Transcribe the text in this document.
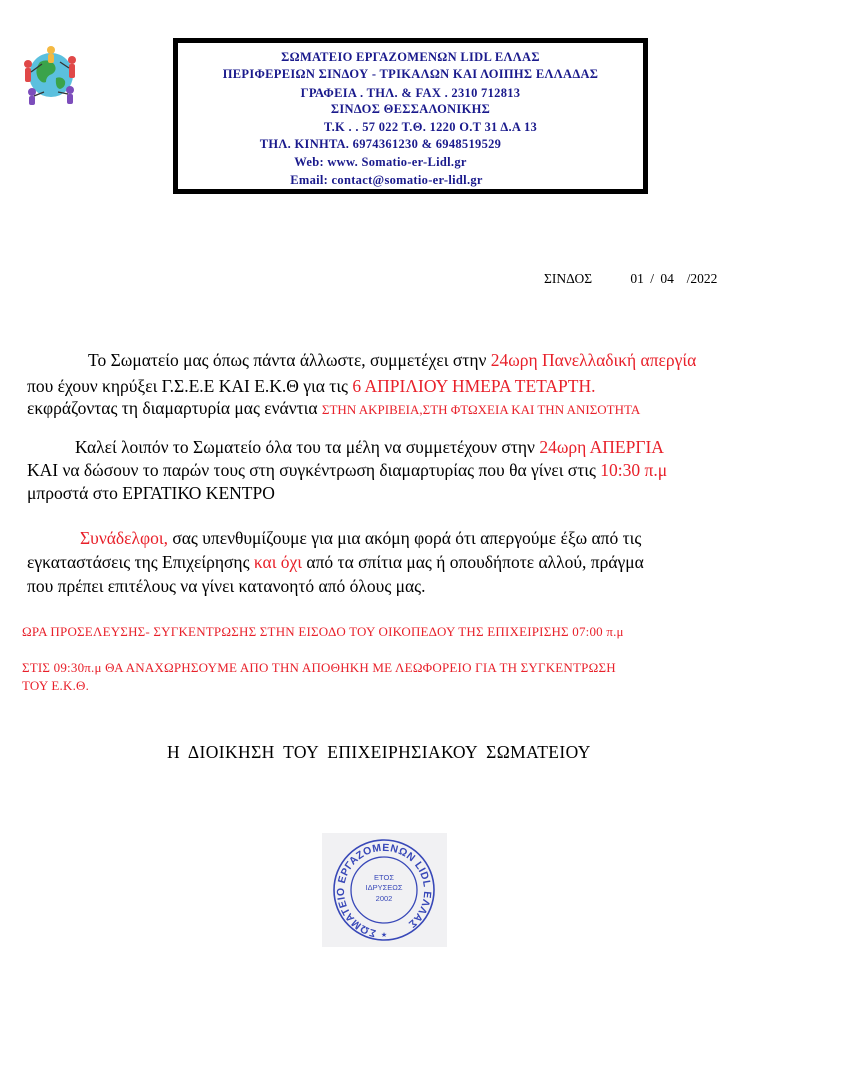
ΣΩΜΑΤΕΙΟ ΕΡΓΑΖΟΜΕΝΩΝ LIDL ΕΛΛΑΣ
ΠΕΡΙΦΕΡΕΙΩΝ ΣΙΝΔΟΥ - ΤΡΙΚΑΛΩΝ ΚΑΙ ΛΟΙΠΗΣ ΕΛΛΑΔΑΣ
ΓΡΑΦΕΙΑ . ΤΗΛ. & FAX . 2310 712813
ΣΙΝΔΟΣ ΘΕΣΣΑΛΟΝΙΚΗΣ
Τ.Κ . . 57 022 Τ.Θ. 1220 Ο.Τ 31 Δ.Α 13
ΤΗΛ. ΚΙΝΗΤΑ. 6974361230 & 6948519529
Web: www. Somatio-er-Lidl.gr
Email: contact@somatio-er-lidl.gr
ΣΙΝΔΟΣ      01 / 04  /2022
Το Σωματείο μας όπως πάντα άλλωστε, συμμετέχει στην 24ωρη Πανελλαδική απεργία
που έχουν κηρύξει Γ.Σ.Ε.Ε ΚΑΙ Ε.Κ.Θ για τις 6 ΑΠΡΙΛΙΟΥ ΗΜΕΡΑ ΤΕΤΑΡΤΗ.
εκφράζοντας τη διαμαρτυρία μας ενάντια ΣΤΗΝ ΑΚΡΙΒΕΙΑ,ΣΤΗ ΦΤΩΧΕΙΑ ΚΑΙ ΤΗΝ ΑΝΙΣΟΤΗΤΑ
Καλεί λοιπόν το Σωματείο όλα του τα μέλη να συμμετέχουν στην 24ωρη ΑΠΕΡΓΙΑ
ΚΑΙ να δώσουν το παρών τους στη συγκέντρωση διαμαρτυρίας που θα γίνει στις 10:30 π.μ
μπροστά στο ΕΡΓΑΤΙΚΟ ΚΕΝΤΡΟ
Συνάδελφοι, σας υπενθυμίζουμε για μια ακόμη φορά ότι απεργούμε έξω από τις
εγκαταστάσεις της Επιχείρησης και όχι από τα σπίτια μας ή οπουδήποτε αλλού, πράγμα
που πρέπει επιτέλους να γίνει κατανοητό από όλους μας.
ΩΡΑ ΠΡΟΣΕΛΕΥΣΗΣ- ΣΥΓΚΕΝΤΡΩΣΗΣ ΣΤΗΝ ΕΙΣΟΔΟ ΤΟΥ ΟΙΚΟΠΕΔΟΥ ΤΗΣ ΕΠΙΧΕΙΡΙΣΗΣ 07:00 π.μ
ΣΤΙΣ 09:30π.μ ΘΑ ΑΝΑΧΩΡΗΣΟΥΜΕ ΑΠΟ ΤΗΝ ΑΠΟΘΗΚΗ ΜΕ ΛΕΩΦΟΡΕΙΟ ΓΙΑ ΤΗ ΣΥΓΚΕΝΤΡΩΣΗ
ΤΟΥ Ε.Κ.Θ.
Η ΔΙΟΙΚΗΣΗ ΤΟΥ ΕΠΙΧΕΙΡΗΣΙΑΚΟΥ ΣΩΜΑΤΕΙΟΥ
ΣΩΜΑΤΕΙΟ ΕΡΓΑΖΟΜΕΝΩΝ LIDL ΕΛΛΑΣ
ΕΤΟΣ
ΙΔΡΥΣΕΩΣ
2002
★
